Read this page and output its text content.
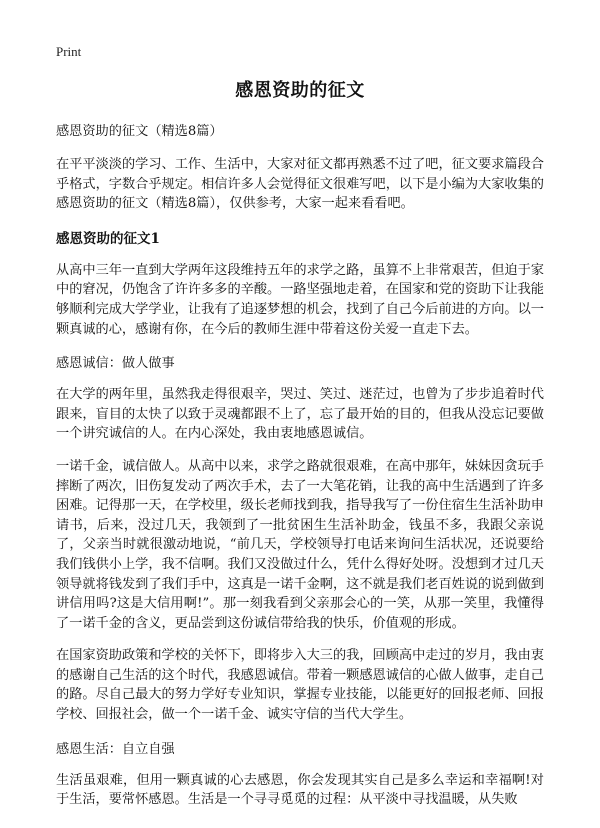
Print
感恩资助的征文
感恩资助的征文（精选8篇）

在平平淡淡的学习、工作、生活中，大家对征文都再熟悉不过了吧，征文要求篇段合乎格式，字数合乎规定。相信许多人会觉得征文很难写吧，以下是小编为大家收集的感恩资助的征文（精选8篇），仅供参考，大家一起来看看吧。

感恩资助的征文1

从高中三年一直到大学两年这段维持五年的求学之路，虽算不上非常艰苦，但迫于家中的窘况，仍饱含了许许多多的辛酸。一路坚强地走着，在国家和党的资助下让我能够顺利完成大学学业，让我有了追逐梦想的机会，找到了自己今后前进的方向。以一颗真诚的心，感谢有你，在今后的教师生涯中带着这份关爱一直走下去。

感恩诚信：做人做事

在大学的两年里，虽然我走得很艰辛，哭过、笑过、迷茫过，也曾为了步步追着时代跟来，盲目的太快了以致于灵魂都跟不上了，忘了最开始的目的，但我从没忘记要做一个讲究诚信的人。在内心深处，我由衷地感恩诚信。

一诺千金，诚信做人。从高中以来，求学之路就很艰难，在高中那年，妹妹因贪玩手摔断了两次，旧伤复发动了两次手术，去了一大笔花销，让我的高中生活遇到了许多困难。记得那一天，在学校里，级长老师找到我，指导我写了一份住宿生生活补助申请书，后来，没过几天，我领到了一批贫困生生活补助金，钱虽不多，我跟父亲说了，父亲当时就很激动地说，“前几天，学校领导打电话来询问生活状况，还说要给我们钱供小上学，我不信啊。我们又没做过什么，凭什么得好处呀。没想到才过几天领导就将钱发到了我们手中，这真是一诺千金啊，这不就是我们老百姓说的说到做到讲信用吗?这是大信用啊!”。那一刻我看到父亲那会心的一笑，从那一笑里，我懂得了一诺千金的含义，更品尝到这份诚信带给我的快乐，价值观的形成。

在国家资助政策和学校的关怀下，即将步入大三的我，回顾高中走过的岁月，我由衷的感谢自己生活的这个时代，我感恩诚信。带着一颗感恩诚信的心做人做事，走自己的路。尽自己最大的努力学好专业知识，掌握专业技能，以能更好的回报老师、回报学校、回报社会，做一个一诺千金、诚实守信的当代大学生。

感恩生活：自立自强

生活虽艰难，但用一颗真诚的心去感恩，你会发现其实自己是多么幸运和幸福啊!对于生活，要常怀感恩。生活是一个寻寻觅觅的过程：从平淡中寻找温暖，从失败
